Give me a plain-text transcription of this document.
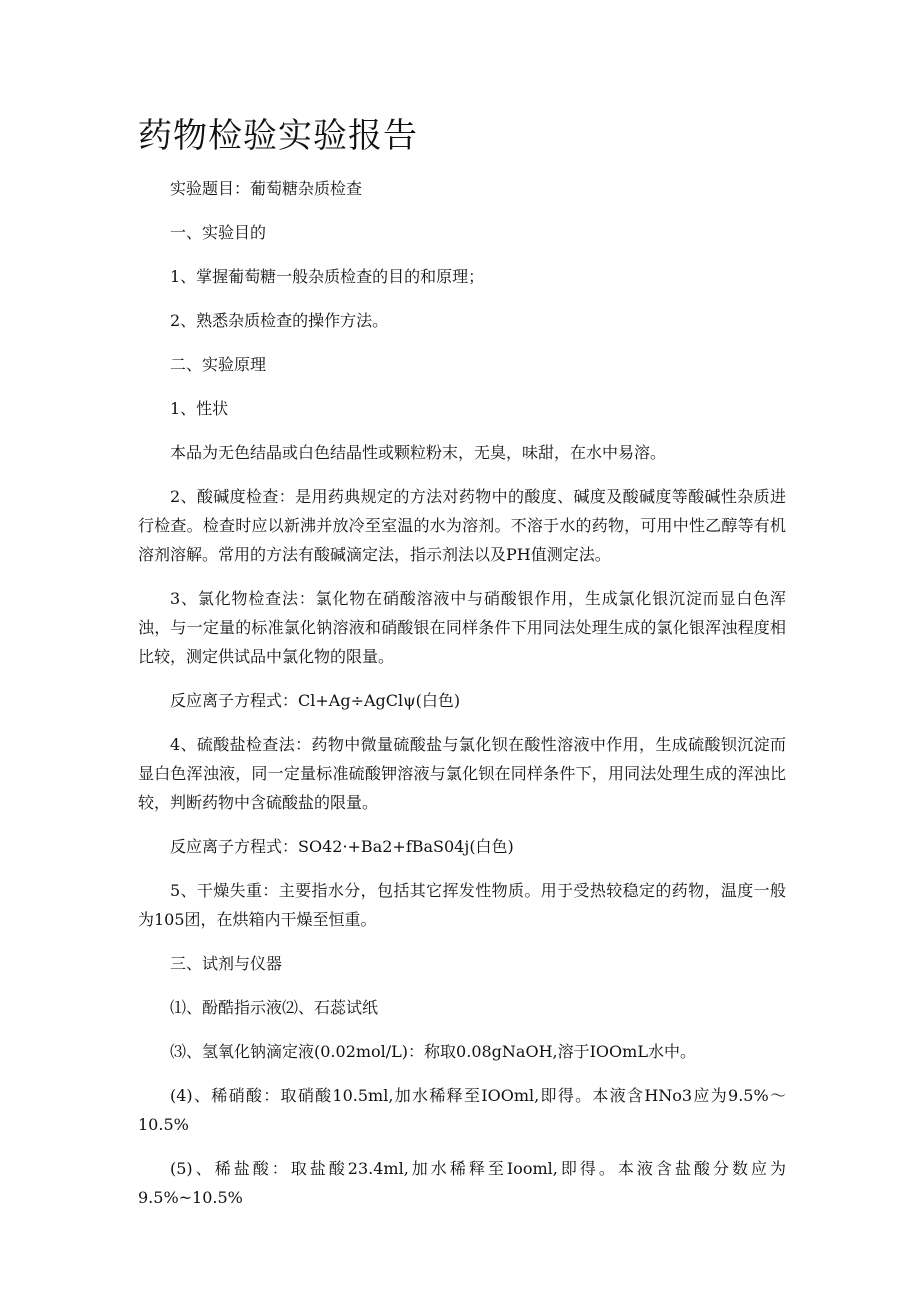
药物检验实验报告

实验题目：葡萄糖杂质检查

一、实验目的

1、掌握葡萄糖一般杂质检查的目的和原理；

2、熟悉杂质检查的操作方法。

二、实验原理

1、性状

本品为无色结晶或白色结晶性或颗粒粉末，无臭，味甜，在水中易溶。

2、酸碱度检查：是用药典规定的方法对药物中的酸度、碱度及酸碱度等酸碱性杂质进行检查。检查时应以新沸并放冷至室温的水为溶剂。不溶于水的药物，可用中性乙醇等有机溶剂溶解。常用的方法有酸碱滴定法，指示剂法以及PH值测定法。

3、氯化物检查法：氯化物在硝酸溶液中与硝酸银作用，生成氯化银沉淀而显白色浑浊，与一定量的标准氯化钠溶液和硝酸银在同样条件下用同法处理生成的氯化银浑浊程度相比较，测定供试品中氯化物的限量。

反应离子方程式：Cl+Ag÷AgClψ(白色)

4、硫酸盐检查法：药物中微量硫酸盐与氯化钡在酸性溶液中作用，生成硫酸钡沉淀而显白色浑浊液，同一定量标准硫酸钾溶液与氯化钡在同样条件下，用同法处理生成的浑浊比较，判断药物中含硫酸盐的限量。

反应离子方程式：SO42·+Ba2+fBaS04j(白色)

5、干燥失重：主要指水分，包括其它挥发性物质。用于受热较稳定的药物，温度一般为105团，在烘箱内干燥至恒重。

三、试剂与仪器

⑴、酚酷指示液⑵、石蕊试纸

⑶、氢氧化钠滴定液(0.02mol∕L)：称取0.08gNaOH,溶于IOOmL水中。

(4)、稀硝酸：取硝酸10.5ml,加水稀释至IOOml,即得。本液含HNo3应为9.5%～10.5%

(5)、稀盐酸：取盐酸23.4ml,加水稀释至Iooml,即得。本液含盐酸分数应为9.5%~10.5%
